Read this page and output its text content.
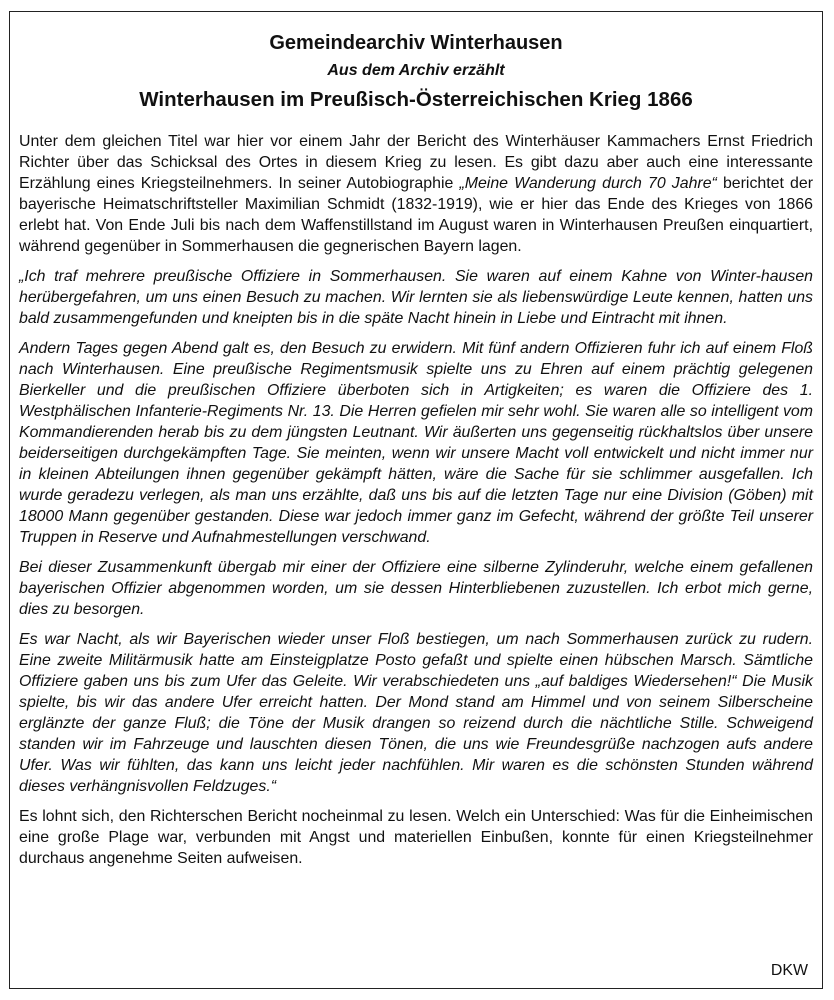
Gemeindearchiv Winterhausen
Aus dem Archiv erzählt
Winterhausen im Preußisch-Österreichischen Krieg 1866

Unter dem gleichen Titel war hier vor einem Jahr der Bericht des Winterhäuser Kammachers Ernst Friedrich Richter über das Schicksal des Ortes in diesem Krieg zu lesen. Es gibt dazu aber auch eine interessante Erzählung eines Kriegsteilnehmers. In seiner Autobiographie „Meine Wanderung durch 70 Jahre“ berichtet der bayerische Heimatschriftsteller Maximilian Schmidt (1832-1919), wie er hier das Ende des Krieges von 1866 erlebt hat. Von Ende Juli bis nach dem Waffenstillstand im August waren in Winterhausen Preußen einquartiert, während gegenüber in Sommerhausen die gegnerischen Bayern lagen.

„Ich traf mehrere preußische Offiziere in Sommerhausen. Sie waren auf einem Kahne von Winter-hausen herübergefahren, um uns einen Besuch zu machen. Wir lernten sie als liebenswürdige Leute kennen, hatten uns bald zusammengefunden und kneipten bis in die späte Nacht hinein in Liebe und Eintracht mit ihnen.

Andern Tages gegen Abend galt es, den Besuch zu erwidern. Mit fünf andern Offizieren fuhr ich auf einem Floß nach Winterhausen. Eine preußische Regimentsmusik spielte uns zu Ehren auf einem prächtig gelegenen Bierkeller und die preußischen Offiziere überboten sich in Artigkeiten; es waren die Offiziere des 1. Westphälischen Infanterie-Regiments Nr. 13. Die Herren gefielen mir sehr wohl. Sie waren alle so intelligent vom Kommandierenden herab bis zu dem jüngsten Leutnant. Wir äußerten uns gegenseitig rückhaltslos über unsere beiderseitigen durchgekämpften Tage. Sie meinten, wenn wir unsere Macht voll entwickelt und nicht immer nur in kleinen Abteilungen ihnen gegenüber gekämpft hätten, wäre die Sache für sie schlimmer ausgefallen. Ich wurde geradezu verlegen, als man uns erzählte, daß uns bis auf die letzten Tage nur eine Division (Göben) mit 18000 Mann gegenüber gestanden. Diese war jedoch immer ganz im Gefecht, während der größte Teil unserer Truppen in Reserve und Aufnahmestellungen verschwand.

Bei dieser Zusammenkunft übergab mir einer der Offiziere eine silberne Zylinderuhr, welche einem gefallenen bayerischen Offizier abgenommen worden, um sie dessen Hinterbliebenen zuzustellen. Ich erbot mich gerne, dies zu besorgen.

Es war Nacht, als wir Bayerischen wieder unser Floß bestiegen, um nach Sommerhausen zurück zu rudern. Eine zweite Militärmusik hatte am Einsteigplatze Posto gefaßt und spielte einen hübschen Marsch. Sämtliche Offiziere gaben uns bis zum Ufer das Geleite. Wir verabschiedeten uns „auf baldiges Wiedersehen!“ Die Musik spielte, bis wir das andere Ufer erreicht hatten. Der Mond stand am Himmel und von seinem Silberscheine erglänzte der ganze Fluß; die Töne der Musik drangen so reizend durch die nächtliche Stille. Schweigend standen wir im Fahrzeuge und lauschten diesen Tönen, die uns wie Freundesgrüße nachzogen aufs andere Ufer. Was wir fühlten, das kann uns leicht jeder nachfühlen. Mir waren es die schönsten Stunden während dieses verhängnisvollen Feldzuges.“

Es lohnt sich, den Richterschen Bericht nocheinmal zu lesen. Welch ein Unterschied: Was für die Einheimischen eine große Plage war, verbunden mit Angst und materiellen Einbußen, konnte für einen Kriegsteilnehmer durchaus angenehme Seiten aufweisen.

DKW
